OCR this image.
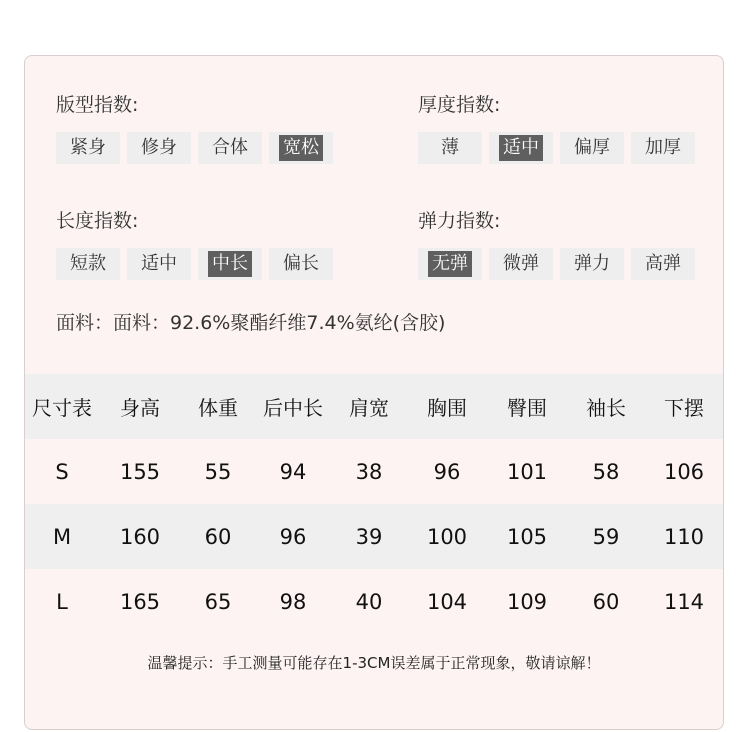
版型指数:
紧身 修身 合体 宽松
厚度指数:
薄 适中 偏厚 加厚
长度指数:
短款 适中 中长 偏长
弹力指数:
无弹 微弹 弹力 高弹
面料：面料：92.6%聚酯纤维7.4%氨纶(含胶)
尺寸表	身高	体重	后中长	肩宽	胸围	臀围	袖长	下摆
S	155	55	94	38	96	101	58	106
M	160	60	96	39	100	105	59	110
L	165	65	98	40	104	109	60	114
温馨提示：手工测量可能存在1-3CM误差属于正常现象，敬请谅解！
